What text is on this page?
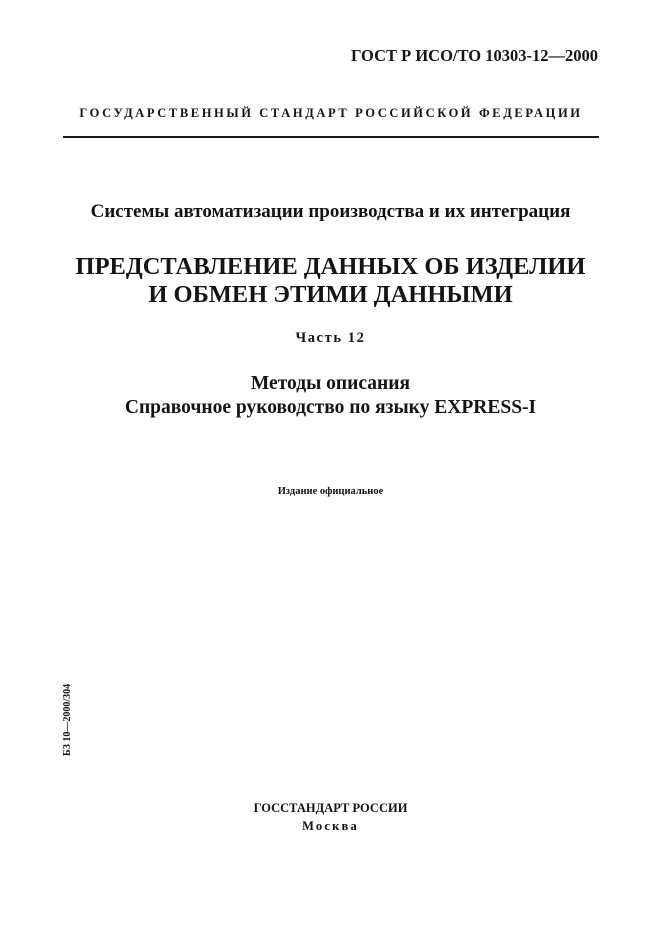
ГОСТ Р ИСО/ТО 10303-12—2000
ГОСУДАРСТВЕННЫЙ СТАНДАРТ РОССИЙСКОЙ ФЕДЕРАЦИИ
Системы автоматизации производства и их интеграция
ПРЕДСТАВЛЕНИЕ ДАННЫХ ОБ ИЗДЕЛИИ
И ОБМЕН ЭТИМИ ДАННЫМИ
Часть 12
Методы описания
Справочное руководство по языку EXPRESS-I
Издание официальное
БЗ 10—2000/304
ГОССТАНДАРТ РОССИИ
Москва
